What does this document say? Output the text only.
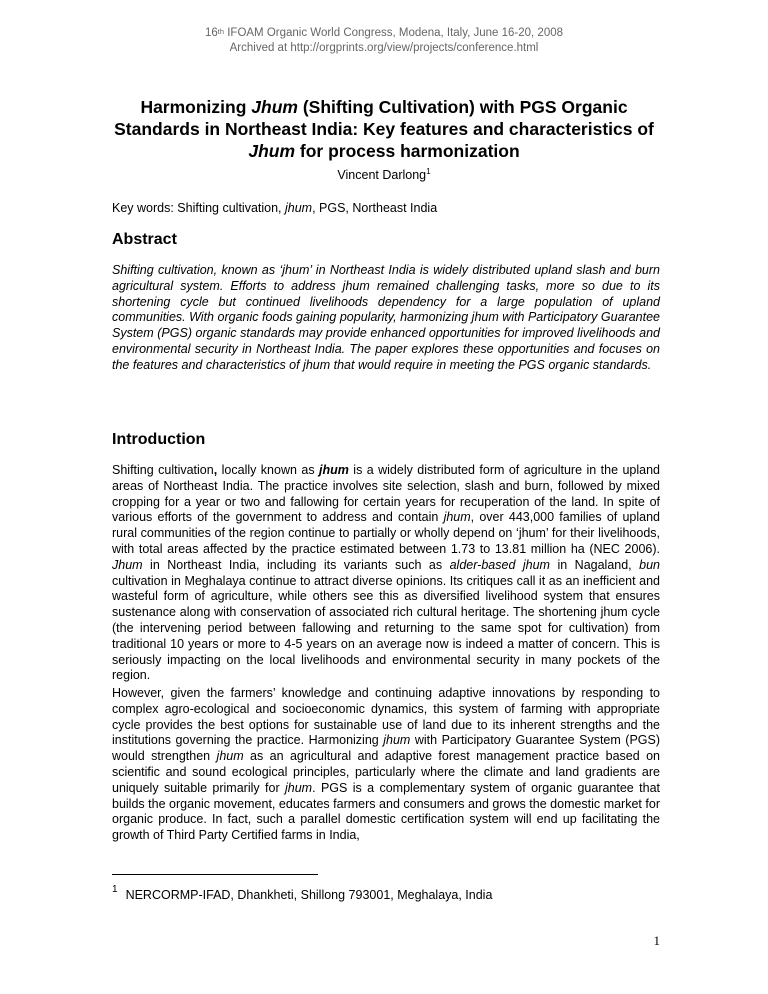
16th IFOAM Organic World Congress, Modena, Italy, June 16-20, 2008
Archived at http://orgprints.org/view/projects/conference.html
Harmonizing Jhum (Shifting Cultivation) with PGS Organic Standards in Northeast India: Key features and characteristics of Jhum for process harmonization
Vincent Darlong$^1$
Key words: Shifting cultivation, jhum, PGS, Northeast India
Abstract

Shifting cultivation, known as ‘jhum’ in Northeast India is widely distributed upland slash and burn agricultural system. Efforts to address jhum remained challenging tasks, more so due to its shortening cycle but continued livelihoods dependency for a large population of upland communities. With organic foods gaining popularity, harmonizing jhum with Participatory Guarantee System (PGS) organic standards may provide enhanced opportunities for improved livelihoods and environmental security in Northeast India. The paper explores these opportunities and focuses on the features and characteristics of jhum that would require in meeting the PGS organic standards.

Introduction

Shifting cultivation, locally known as jhum is a widely distributed form of agriculture in the upland areas of Northeast India. The practice involves site selection, slash and burn, followed by mixed cropping for a year or two and fallowing for certain years for recuperation of the land. In spite of various efforts of the government to address and contain jhum, over 443,000 families of upland rural communities of the region continue to partially or wholly depend on ‘jhum’ for their livelihoods, with total areas affected by the practice estimated between 1.73 to 13.81 million ha (NEC 2006). Jhum in Northeast India, including its variants such as alder-based jhum in Nagaland, bun cultivation in Meghalaya continue to attract diverse opinions. Its critiques call it as an inefficient and wasteful form of agriculture, while others see this as diversified livelihood system that ensures sustenance along with conservation of associated rich cultural heritage. The shortening jhum cycle (the intervening period between fallowing and returning to the same spot for cultivation) from traditional 10 years or more to 4-5 years on an average now is indeed a matter of concern. This is seriously impacting on the local livelihoods and environmental security in many pockets of the region.

However, given the farmers’ knowledge and continuing adaptive innovations by responding to complex agro-ecological and socioeconomic dynamics, this system of farming with appropriate cycle provides the best options for sustainable use of land due to its inherent strengths and the institutions governing the practice. Harmonizing jhum with Participatory Guarantee System (PGS) would strengthen jhum as an agricultural and adaptive forest management practice based on scientific and sound ecological principles, particularly where the climate and land gradients are uniquely suitable primarily for jhum. PGS is a complementary system of organic guarantee that builds the organic movement, educates farmers and consumers and grows the domestic market for organic produce. In fact, such a parallel domestic certification system will end up facilitating the growth of Third Party Certified farms in India,

$^1$ NERCORMP-IFAD, Dhankheti, Shillong 793001, Meghalaya, India
1
